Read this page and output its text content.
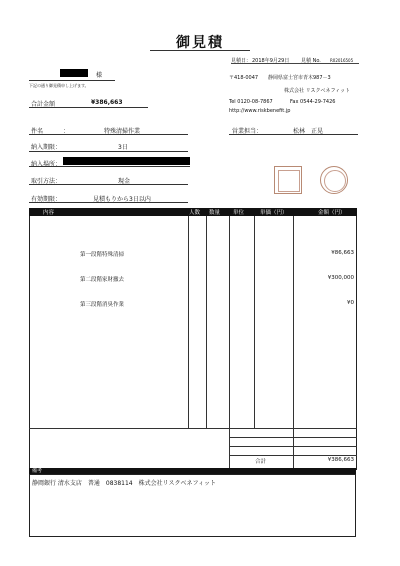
御見積
見積日： 2018年9月29日 見積 No. R02016505
様
下記の通り御見積申し上げます。
合計金額	¥386,663
〒418-0047 静岡県富士宮市青木987－3
株式会社 リスクベネフィット
Tel 0120‐08‐7867	Fax 0544‐29‐7426
http://www.riskbenefit.jp
営業担当：	松林　正晃
件名	：	特殊清掃作業
納入期限：	3日
納入場所：
取引方法：	現金
有効期限：	見積もりから3日以内
内容	人数 数量 単位	単価（円）	金額（円）
第一段階特殊清掃	¥86,663
第二段階家財撤去	¥300,000
第三段階消臭作業	¥0
合計	¥386,663
備考
静岡銀行 清水支店　普通　0838114　株式会社リスクベネフィット
